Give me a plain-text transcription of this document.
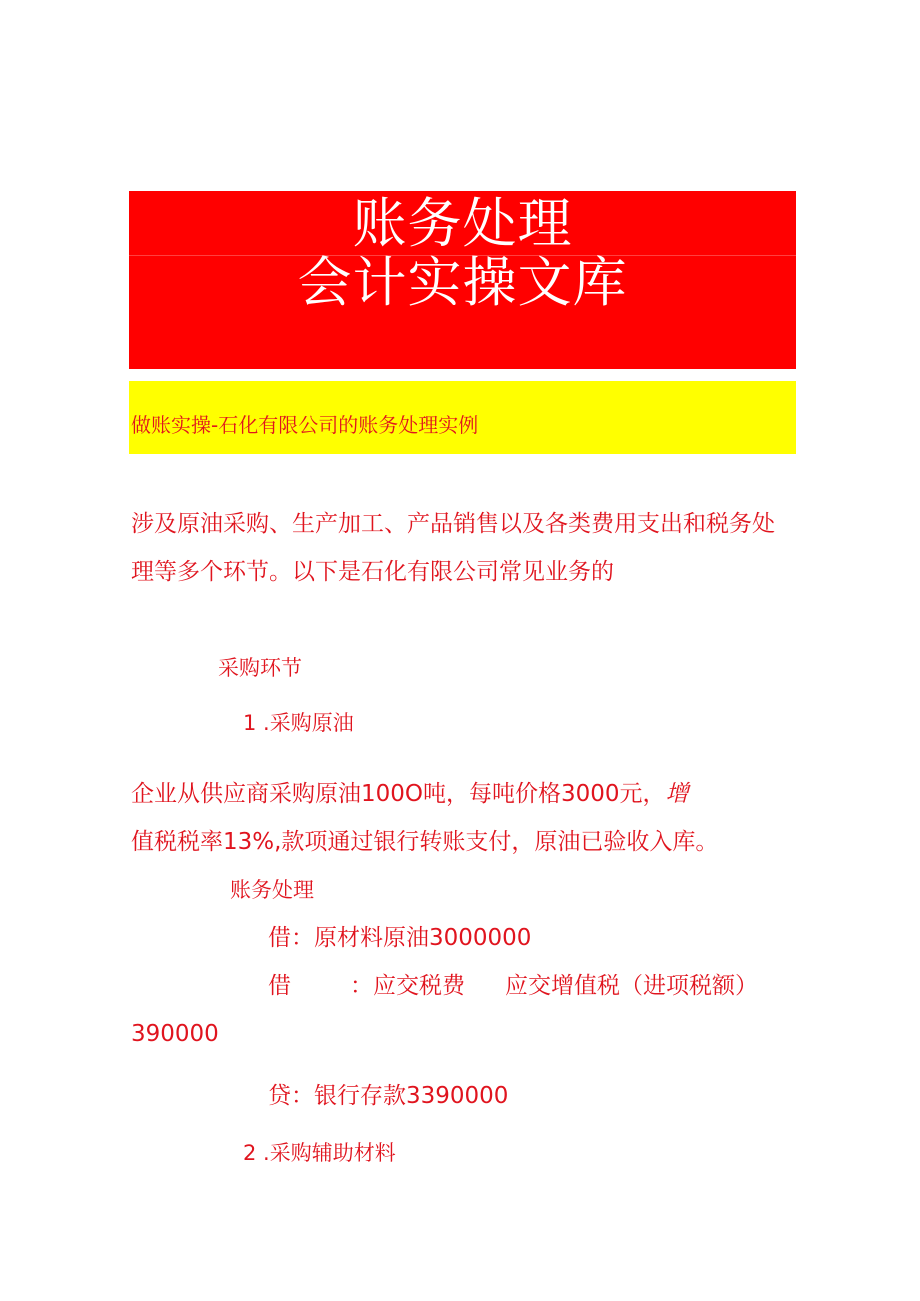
账务处理
会计实操文库
做账实操-石化有限公司的账务处理实例
涉及原油采购、生产加工、产品销售以及各类费用支出和税务处
理等多个环节。以下是石化有限公司常见业务的
采购环节
1 .采购原油
企业从供应商采购原油100O吨，每吨价格3000元，增
值税税率13%,款项通过银行转账支付，原油已验收入库。
账务处理
借：原材料原油3000000
借	：应交税费 应交增值税（进项税额）
390000
贷：银行存款3390000
2 .采购辅助材料
